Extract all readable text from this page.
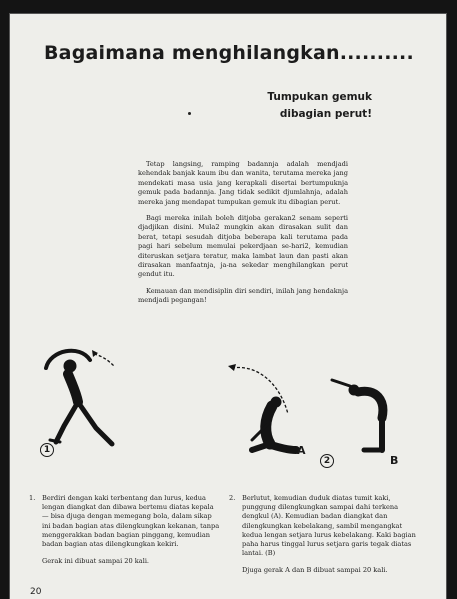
Bagaimana menghilangkan..........
Tumpukan gemuk
dibagian perut!

Tetap langsing, ramping badannja adalah mendjadi kehendak banjak kaum ibu dan wanita, terutama mereka jang mendekati masa usia jang kerapkali disertai bertumpuknja gemuk pada badannja. Jang tidak sedikit djumlahnja, adalah mereka jang mendapat tumpukan gemuk itu dibagian perut.

Bagi mereka inilah boleh ditjoba gerakan2 senam seperti djadjikan disini. Mula2 mungkin akan dirasakan sulit dan berat, tetapi sesudah ditjoba beberapa kali terutama pada pagi hari sebelum memulai pekerdjaan se-hari2, kemudian diteruskan setjara teratur, maka lambat laun dan pasti akan dirasakan manfaatnja, ja-na sekedar menghilangkan perut gendut itu.

Kemauan dan mendisiplin diri sendiri, inilah jang hendaknja mendjadi pegangan!

1	A
2	B
1. Berdiri dengan kaki terbentang dan lurus, kedua lengan diangkat dan dibawa bertemu diatas kepala — bisa djuga dengan memegang bola, dalam sikap ini badan bagian atas dilengkungkan kekanan, tanpa menggerakkan badan bagian pinggang, kemudian badan bagian atas dilengkungkan kekiri.
Gerak ini dibuat sampai 20 kali.
2. Berlutut, kemudian duduk diatas tumit kaki, punggung dilengkungkan sampai dahi terkena dengkul (A). Kemudian badan diangkat dan dilengkungkan kebelakang, sambil mengangkat kedua lengan setjara lurus kebelakang. Kaki bagian paha harus tinggal lurus setjara garis tegak diatas lantai. (B)
Djuga gerak A dan B dibuat sampai 20 kali.
20
